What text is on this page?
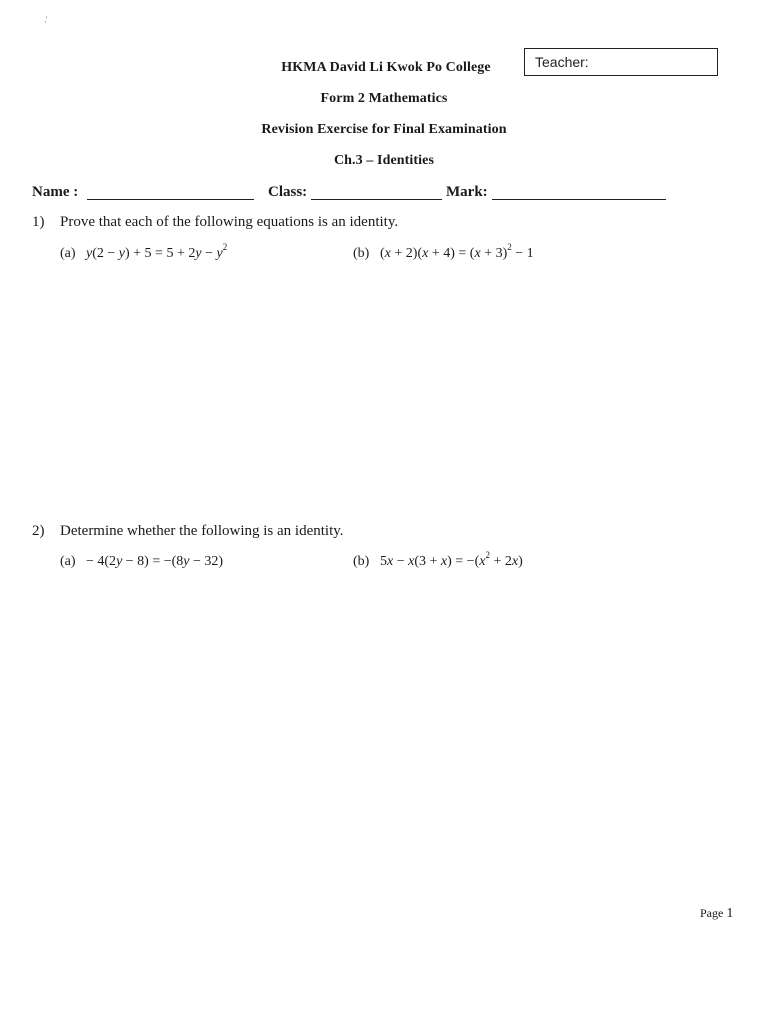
·´
Teacher:
HKMA David Li Kwok Po College
Form 2 Mathematics
Revision Exercise for Final Examination
Ch.3 – Identities
Name :	Class:	Mark:
1) Prove that each of the following equations is an identity.
(a) $y(2 - y) + 5 = 5 + 2y - y^2$	(b) $(x + 2)(x + 4) = (x + 3)^2 - 1$
2) Determine whether the following is an identity.
(a) − 4(2y − 8) = −(8y − 32)	(b) $5x - x(3 + x) = -(x^2 + 2x)$
Page 1
